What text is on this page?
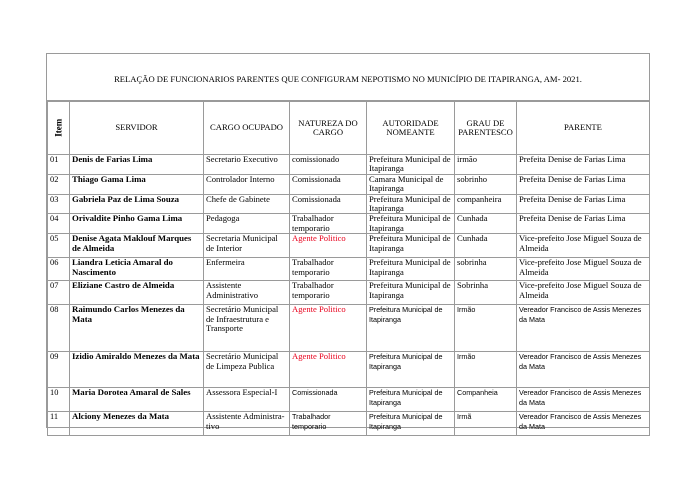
RELAÇÃO DE FUNCIONARIOS PARENTES QUE CONFIGURAM NEPOTISMO NO MUNICÍPIO DE ITAPIRANGA, AM- 2021.
Item	SERVIDOR	CARGO OCUPADO	NATUREZA DO CARGO	AUTORIDADE NOMEANTE	GRAU DE PARENTESCO	PARENTE
01	Denis de Farias Lima	Secretario Executivo	comissionado	Prefeitura Municipal de Itapiranga	irmão	Prefeita Denise de Farias Lima
02	Thiago Gama Lima	Controlador Interno	Comissionada	Camara Municipal de Itapiranga	sobrinho	Prefeita Denise de Farias Lima
03	Gabriela Paz de Lima Souza	Chefe de Gabinete	Comissionada	Prefeitura Municipal de Itapiranga	companheira	Prefeita Denise de Farias Lima
04	Orivaldite Pinho Gama Lima	Pedagoga	Trabalhador temporario	Prefeitura Municipal de Itapiranga	Cunhada	Prefeita Denise de Farias Lima
05	Denise Agata Maklouf Marques de Almeida	Secretaria Municipal de Interior	Agente Politico	Prefeitura Municipal de Itapiranga	Cunhada	Vice-prefeito Jose Miguel Souza de Almeida
06	Liandra Leticia Amaral do Nascimento	Enfermeira	Trabalhador temporario	Prefeitura Municipal de Itapiranga	sobrinha	Vice-prefeito Jose Miguel Souza de Almeida
07	Eliziane Castro de Almeida	Assistente Administrativo	Trabalhador temporario	Prefeitura Municipal de Itapiranga	Sobrinha	Vice-prefeito Jose Miguel Souza de Almeida
08	Raimundo Carlos Menezes da Mata	Secretário Municipal de Infraestrutura e Transporte	Agente Politico	Prefeitura Municipal de Itapiranga	Irmão	Vereador Francisco de Assis Menezes da Mata
09	Izidio Amiraldo Menezes da Mata	Secretário Municipal de Limpeza Publica	Agente Politico	Prefeitura Municipal de Itapiranga	Irmão	Vereador Francisco de Assis Menezes da Mata
10	Maria Dorotea Amaral de Sales	Assessora Especial-I	Comissionada	Prefeitura Municipal de Itapiranga	Companheia	Vereador Francisco de Assis Menezes da Mata
11	Alciony Menezes da Mata	Assistente Administra-tivo	Trabalhador temporario	Prefeitura Municipal de Itapiranga	Irmã	Vereador Francisco de Assis Menezes da Mata
